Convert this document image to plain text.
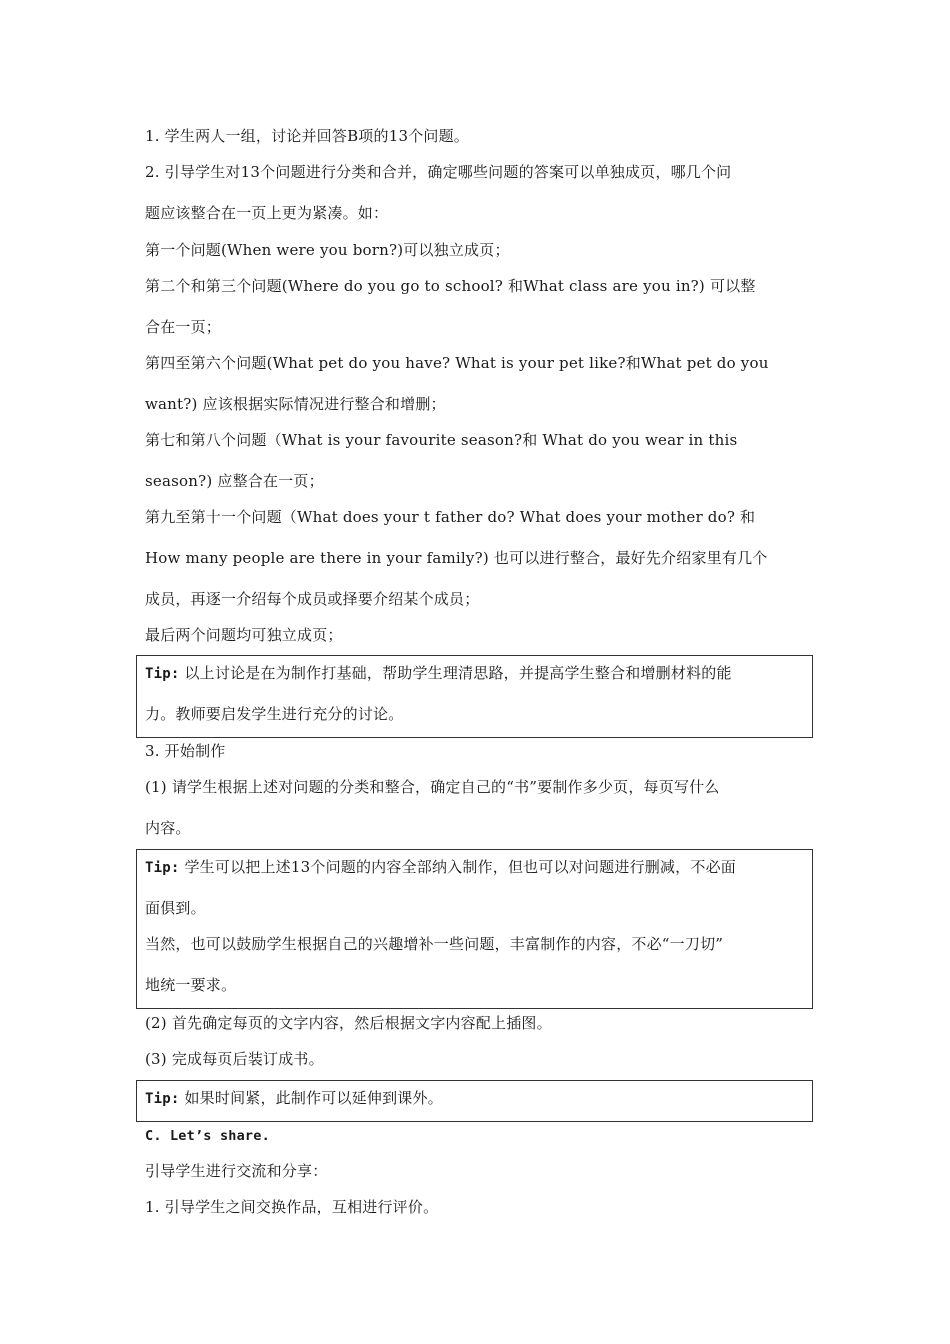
1. 学生两人一组，讨论并回答B项的13个问题。
2. 引导学生对13个问题进行分类和合并，确定哪些问题的答案可以单独成页，哪几个问
题应该整合在一页上更为紧凑。如：
第一个问题(When were you born?)可以独立成页；
第二个和第三个问题(Where do you go to school? 和What class are you in?) 可以整
合在一页；
第四至第六个问题(What pet do you have? What is your pet like?和What pet do you
want?) 应该根据实际情况进行整合和增删；
第七和第八个问题（What is your favourite season?和 What do you wear in this
season?) 应整合在一页；
第九至第十一个问题（What does your t father do? What does your mother do? 和
How many people are there in your family?) 也可以进行整合，最好先介绍家里有几个
成员，再逐一介绍每个成员或择要介绍某个成员；
最后两个问题均可独立成页；
Tip: 以上讨论是在为制作打基础，帮助学生理清思路，并提高学生整合和增删材料的能
力。教师要启发学生进行充分的讨论。
3. 开始制作
(1) 请学生根据上述对问题的分类和整合，确定自己的“书”要制作多少页，每页写什么
内容。
Tip: 学生可以把上述13个问题的内容全部纳入制作，但也可以对问题进行删减，不必面
面俱到。
当然，也可以鼓励学生根据自己的兴趣增补一些问题，丰富制作的内容，不必“一刀切”
地统一要求。
(2) 首先确定每页的文字内容，然后根据文字内容配上插图。
(3) 完成每页后装订成书。
Tip: 如果时间紧，此制作可以延伸到课外。
C. Let’s share.
引导学生进行交流和分享：
1. 引导学生之间交换作品，互相进行评价。
